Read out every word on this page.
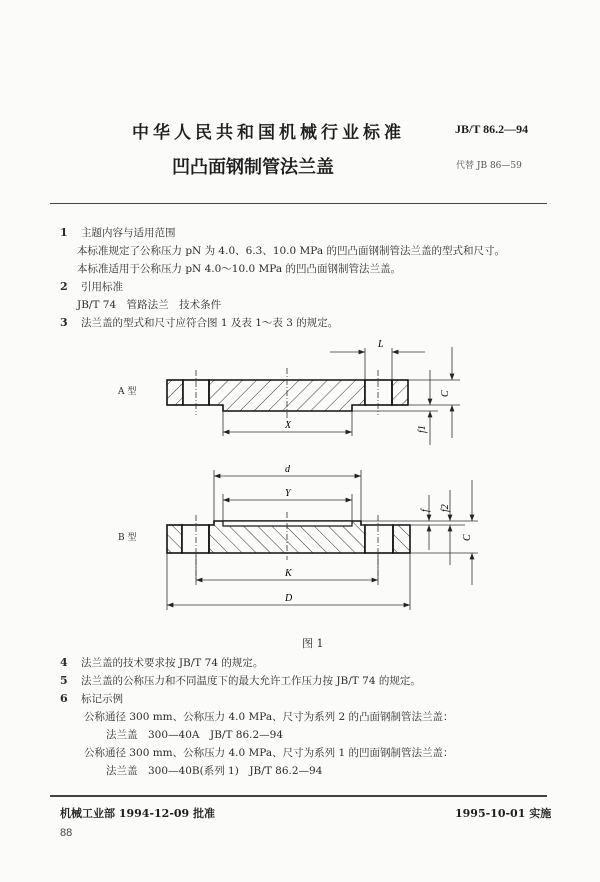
中华人民共和国机械行业标准	JB/T 86.2—94
凹凸面钢制管法兰盖	代替 JB 86—59
1 主题内容与适用范围
本标准规定了公称压力 pN 为 4.0、6.3、10.0 MPa 的凹凸面钢制管法兰盖的型式和尺寸。
本标准适用于公称压力 pN 4.0～10.0 MPa 的凹凸面钢制管法兰盖。
2 引用标准
JB/T 74　管路法兰　技术条件
3 法兰盖的型式和尺寸应符合图 1 及表 1～表 3 的规定。
A 型
B 型
L
X
C
f1
d
Y
K
D
f f2
C
图 1
4 法兰盖的技术要求按 JB/T 74 的规定。
5 法兰盖的公称压力和不同温度下的最大允许工作压力按 JB/T 74 的规定。
6 标记示例
公称通径 300 mm、公称压力 4.0 MPa、尺寸为系列 2 的凸面钢制管法兰盖：
法兰盖　300—40A　JB/T 86.2—94
公称通径 300 mm、公称压力 4.0 MPa、尺寸为系列 1 的凹面钢制管法兰盖：
法兰盖　300—40B(系列 1)　JB/T 86.2—94
机械工业部 1994-12-09 批准	1995-10-01 实施
88
